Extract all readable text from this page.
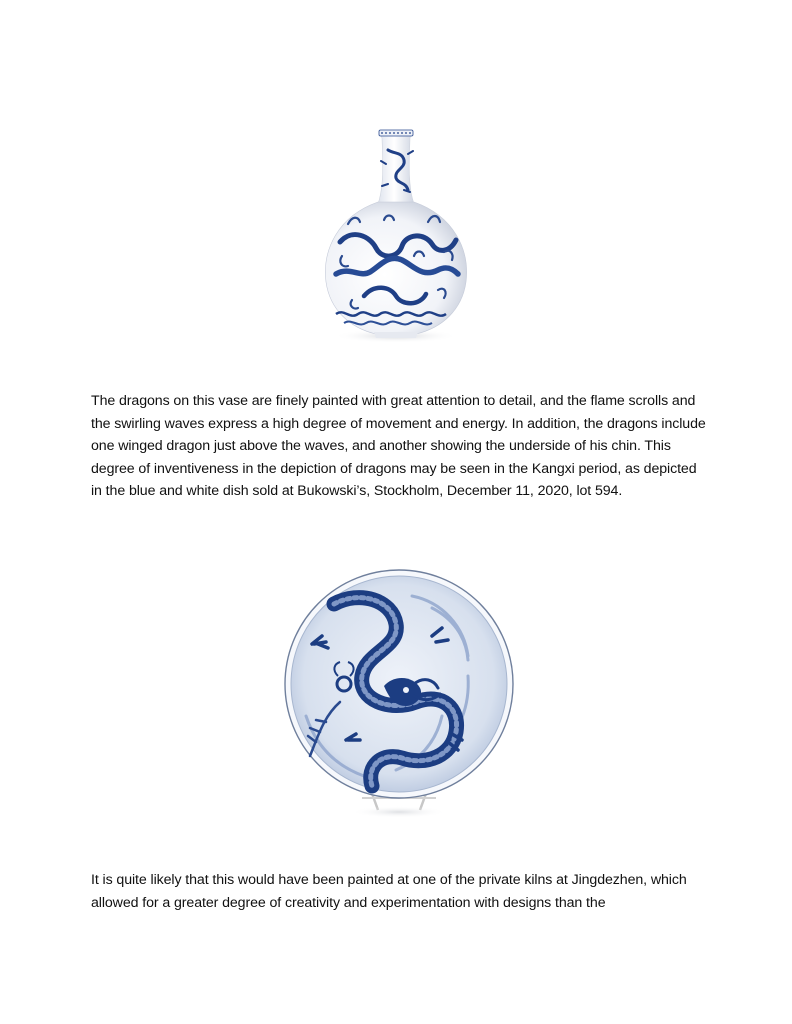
The dragons on this vase are finely painted with great attention to detail, and the flame scrolls and the swirling waves express a high degree of movement and energy. In addition, the dragons include one winged dragon just above the waves, and another showing the underside of his chin. This degree of inventiveness in the depiction of dragons may be seen in the Kangxi period, as depicted in the blue and white dish sold at Bukowski’s, Stockholm, December 11, 2020, lot 594.

It is quite likely that this would have been painted at one of the private kilns at Jingdezhen, which allowed for a greater degree of creativity and experimentation with designs than the
